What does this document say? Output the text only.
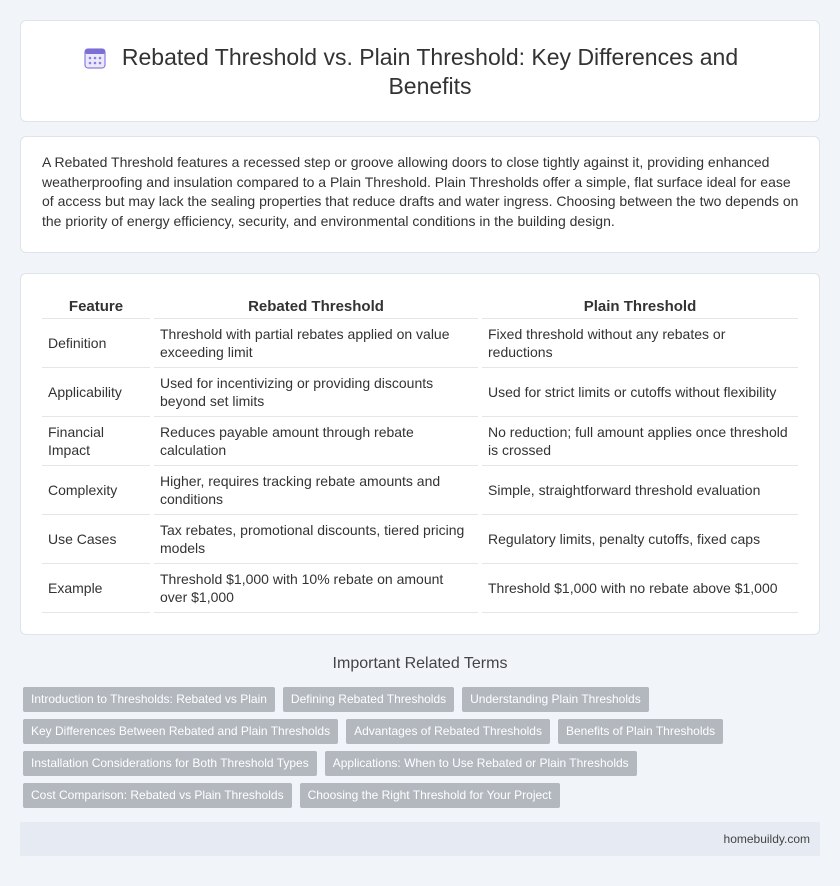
Rebated Threshold vs. Plain Threshold: Key Differences and Benefits

A Rebated Threshold features a recessed step or groove allowing doors to close tightly against it, providing enhanced weatherproofing and insulation compared to a Plain Threshold. Plain Thresholds offer a simple, flat surface ideal for ease of access but may lack the sealing properties that reduce drafts and water ingress. Choosing between the two depends on the priority of energy efficiency, security, and environmental conditions in the building design.

Feature	Rebated Threshold	Plain Threshold
Definition	Threshold with partial rebates applied on value exceeding limit	Fixed threshold without any rebates or reductions
Applicability	Used for incentivizing or providing discounts beyond set limits	Used for strict limits or cutoffs without flexibility
Financial Impact	Reduces payable amount through rebate calculation	No reduction; full amount applies once threshold is crossed
Complexity	Higher, requires tracking rebate amounts and conditions	Simple, straightforward threshold evaluation
Use Cases	Tax rebates, promotional discounts, tiered pricing models	Regulatory limits, penalty cutoffs, fixed caps
Example	Threshold $1,000 with 10% rebate on amount over $1,000	Threshold $1,000 with no rebate above $1,000
Important Related Terms
Introduction to Thresholds: Rebated vs Plain	Defining Rebated Thresholds	Understanding Plain Thresholds
Key Differences Between Rebated and Plain Thresholds	Advantages of Rebated Thresholds	Benefits of Plain Thresholds
Installation Considerations for Both Threshold Types	Applications: When to Use Rebated or Plain Thresholds
Cost Comparison: Rebated vs Plain Thresholds	Choosing the Right Threshold for Your Project
homebuildy.com
